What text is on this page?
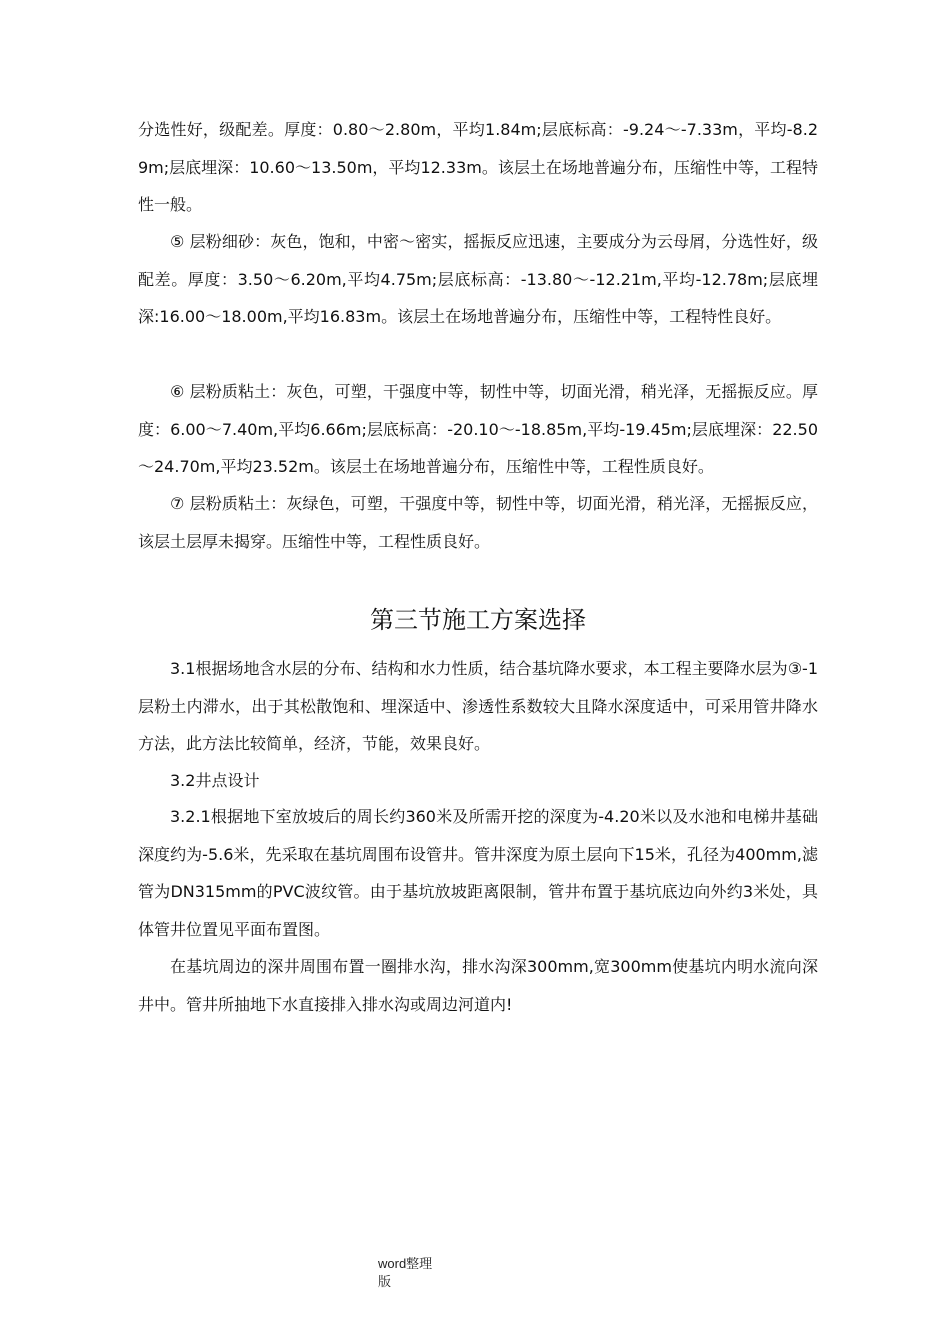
分选性好，级配差。厚度：0.80～2.80m，平均1.84m;层底标高：-9.24～-7.33m，平均-8.29m;层底埋深：10.60～13.50m，平均12.33m。该层土在场地普遍分布，压缩性中等，工程特性一般。

⑤ 层粉细砂：灰色，饱和，中密～密实，摇振反应迅速，主要成分为云母屑，分选性好，级配差。厚度：3.50～6.20m,平均4.75m;层底标高：-13.80～-12.21m,平均-12.78m;层底埋深:16.00～18.00m,平均16.83m。该层土在场地普遍分布，压缩性中等，工程特性良好。

⑥ 层粉质粘土：灰色，可塑，干强度中等，韧性中等，切面光滑，稍光泽，无摇振反应。厚度：6.00～7.40m,平均6.66m;层底标高：-20.10～-18.85m,平均-19.45m;层底埋深：22.50～24.70m,平均23.52m。该层土在场地普遍分布，压缩性中等，工程性质良好。

⑦ 层粉质粘土：灰绿色，可塑，干强度中等，韧性中等，切面光滑，稍光泽，无摇振反应，该层土层厚未揭穿。压缩性中等，工程性质良好。

第三节施工方案选择

3.1根据场地含水层的分布、结构和水力性质，结合基坑降水要求，本工程主要降水层为③-1层粉土内滞水，出于其松散饱和、埋深适中、渗透性系数较大且降水深度适中，可采用管井降水方法，此方法比较简单，经济，节能，效果良好。

3.2井点设计

3.2.1根据地下室放坡后的周长约360米及所需开挖的深度为-4.20米以及水池和电梯井基础深度约为-5.6米，先采取在基坑周围布设管井。管井深度为原土层向下15米，孔径为400mm,滤管为DN315mm的PVC波纹管。由于基坑放坡距离限制，管井布置于基坑底边向外约3米处，具体管井位置见平面布置图。

在基坑周边的深井周围布置一圈排水沟，排水沟深300mm,宽300mm使基坑内明水流向深井中。管井所抽地下水直接排入排水沟或周边河道内!

word整理
版
